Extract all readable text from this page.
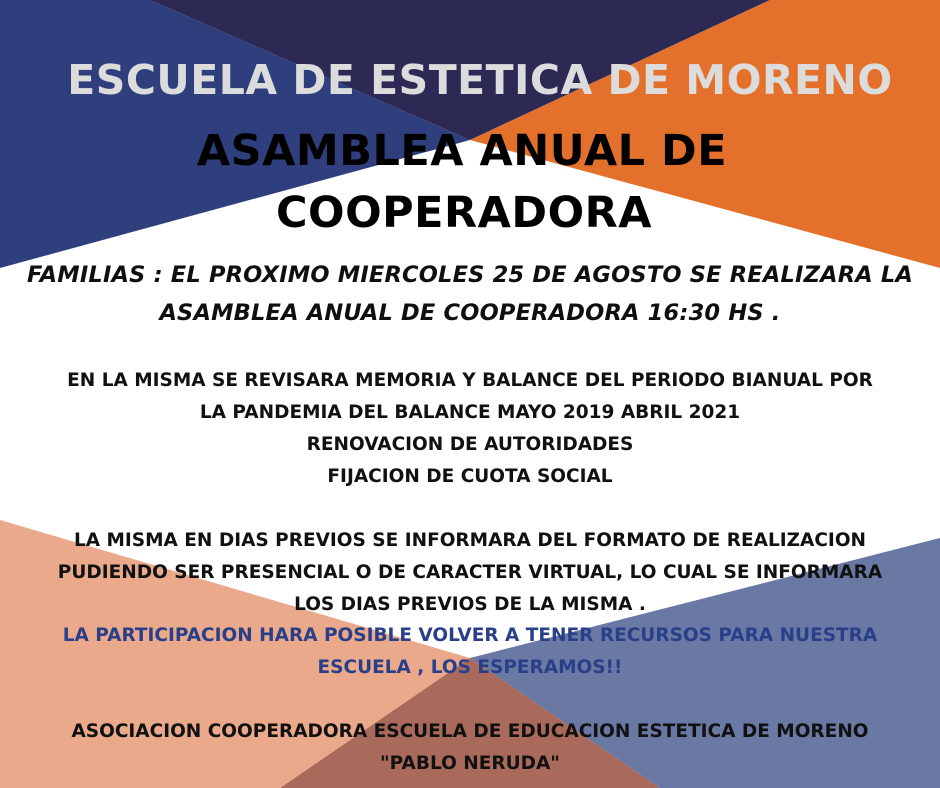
ESCUELA DE ESTETICA DE MORENO

ASAMBLEA ANUAL DE

COOPERADORA

FAMILIAS : EL PROXIMO MIERCOLES 25 DE AGOSTO SE REALIZARA LA
ASAMBLEA ANUAL DE COOPERADORA 16:30 HS .
EN LA MISMA SE REVISARA MEMORIA Y BALANCE DEL PERIODO BIANUAL POR
LA PANDEMIA DEL BALANCE MAYO 2019 ABRIL 2021
RENOVACION DE AUTORIDADES
FIJACION DE CUOTA SOCIAL
LA MISMA EN DIAS PREVIOS SE INFORMARA DEL FORMATO DE REALIZACION
PUDIENDO SER PRESENCIAL O DE CARACTER VIRTUAL, LO CUAL SE INFORMARA
LOS DIAS PREVIOS DE LA MISMA .
LA PARTICIPACION HARA POSIBLE VOLVER A TENER RECURSOS PARA NUESTRA
ESCUELA , LOS ESPERAMOS!!
ASOCIACION COOPERADORA ESCUELA DE EDUCACION ESTETICA DE MORENO
"PABLO NERUDA"
